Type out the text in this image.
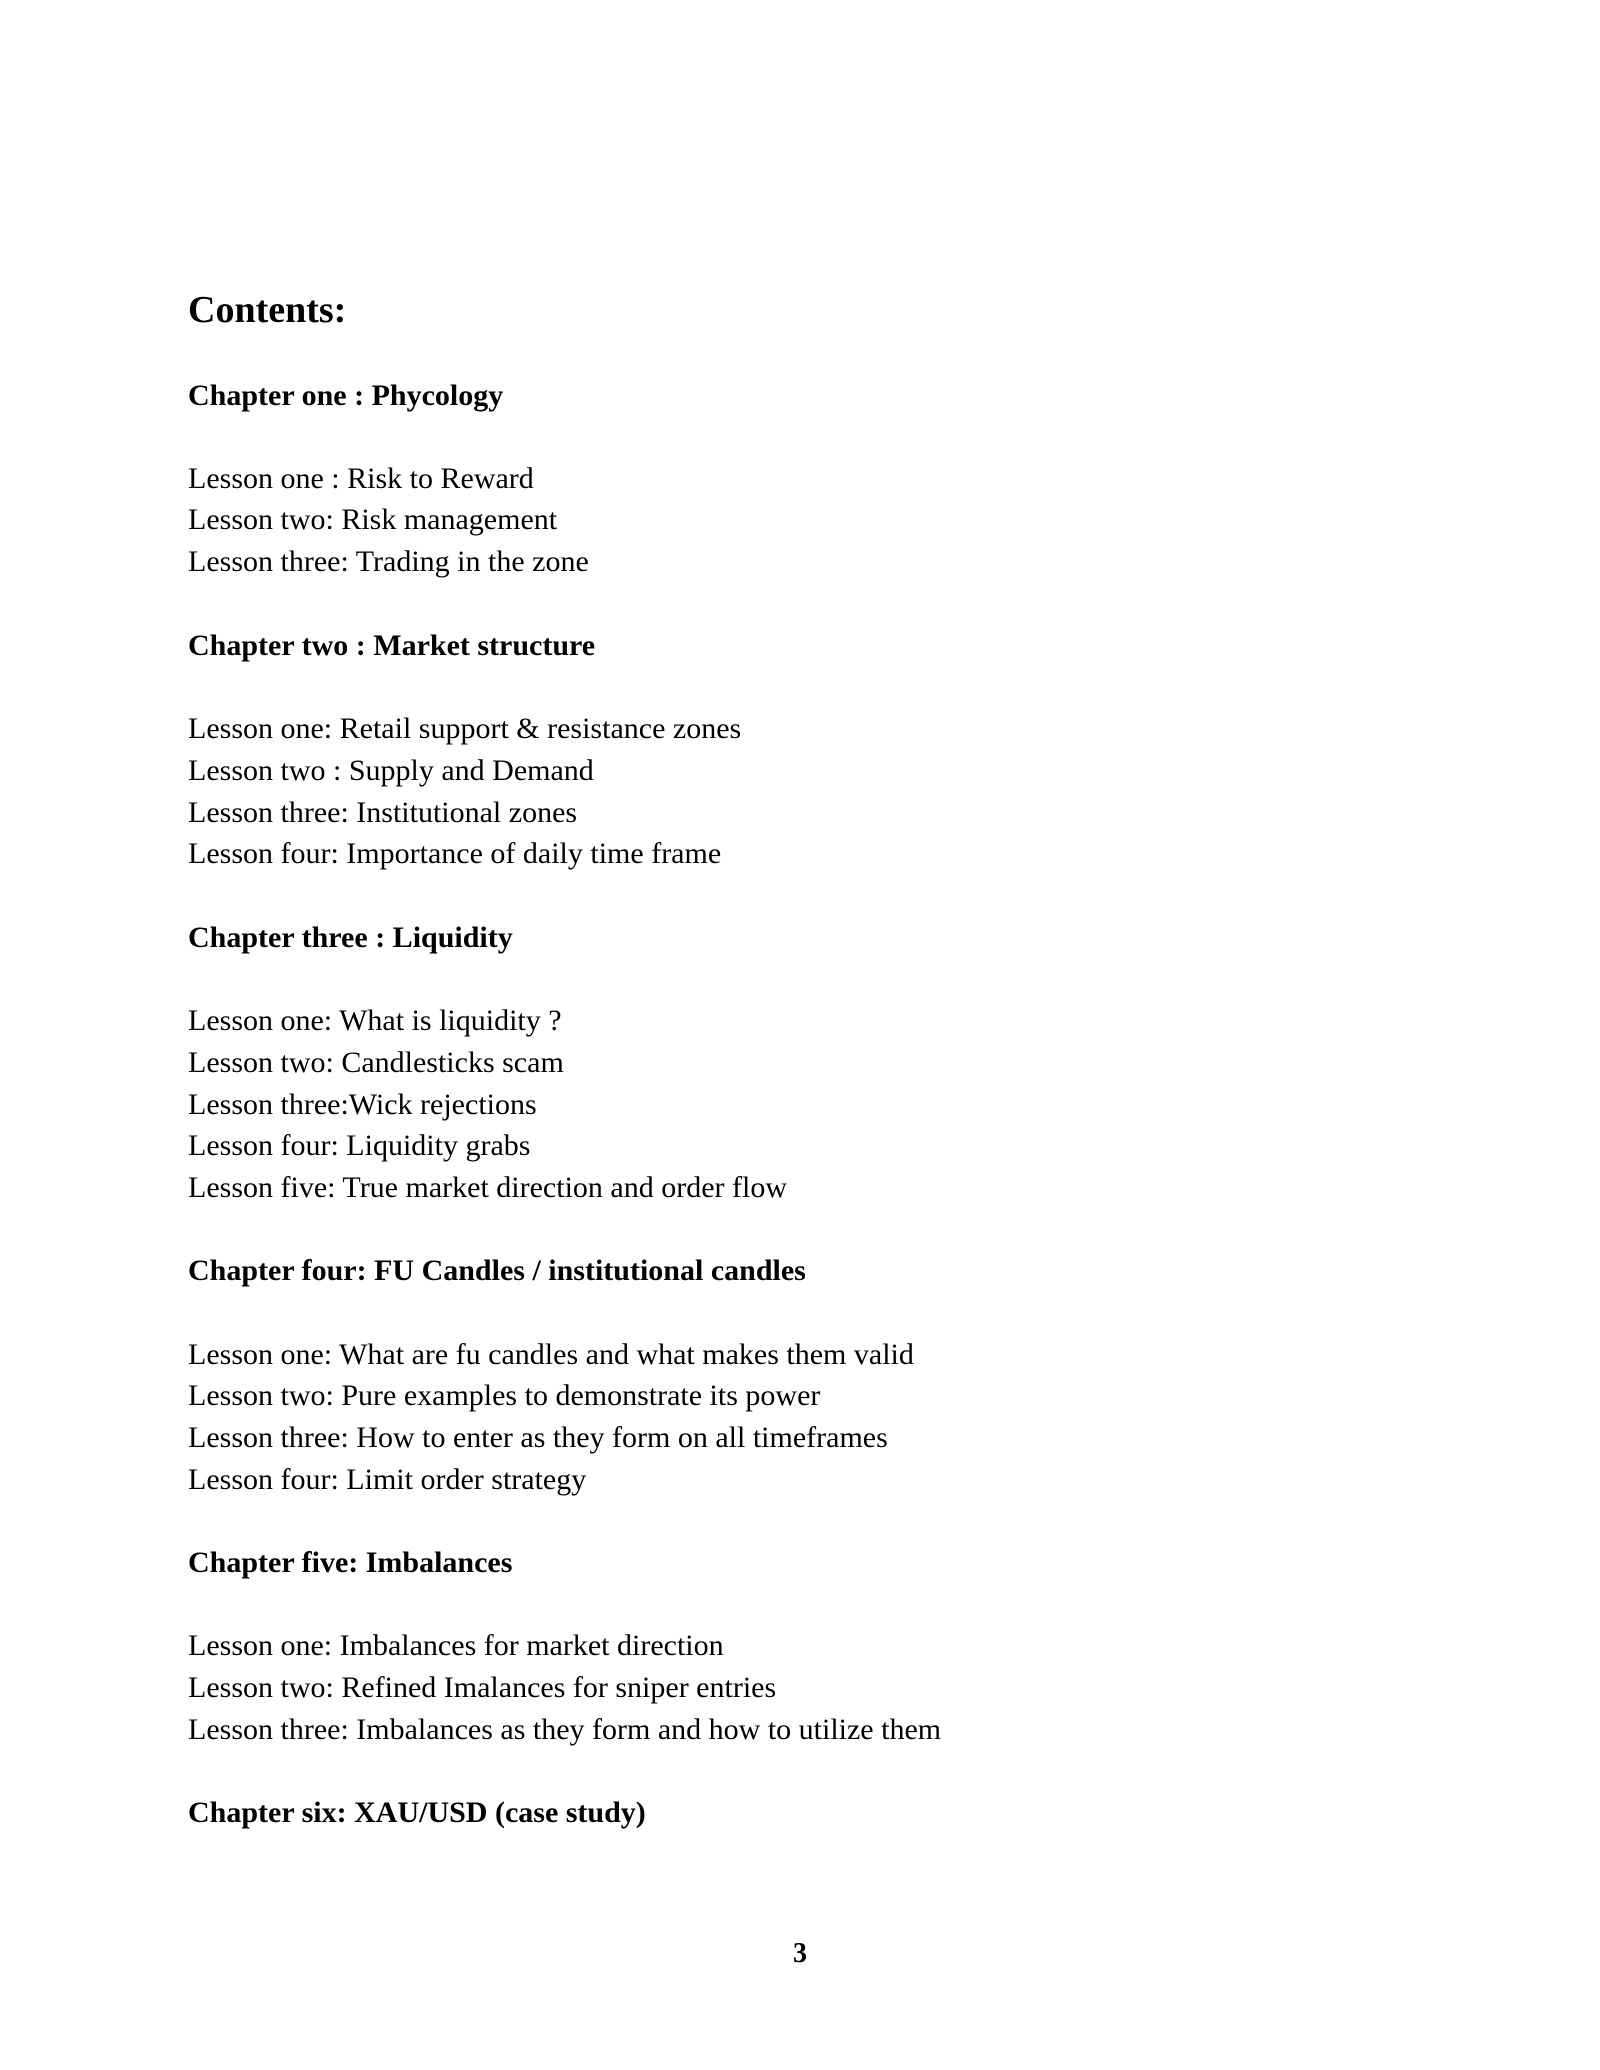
Contents:
Chapter one : Phycology
Lesson one : Risk to Reward
Lesson two: Risk management
Lesson three: Trading in the zone
Chapter two : Market structure
Lesson one: Retail support & resistance zones
Lesson two : Supply and Demand
Lesson three: Institutional zones
Lesson four: Importance of daily time frame
Chapter three : Liquidity
Lesson one: What is liquidity ?
Lesson two: Candlesticks scam
Lesson three:Wick rejections
Lesson four: Liquidity grabs
Lesson five: True market direction and order flow
Chapter four: FU Candles / institutional candles
Lesson one: What are fu candles and what makes them valid
Lesson two: Pure examples to demonstrate its power
Lesson three: How to enter as they form on all timeframes
Lesson four: Limit order strategy
Chapter five: Imbalances
Lesson one: Imbalances for market direction
Lesson two: Refined Imalances for sniper entries
Lesson three: Imbalances as they form and how to utilize them
Chapter six: XAU/USD (case study)
3
